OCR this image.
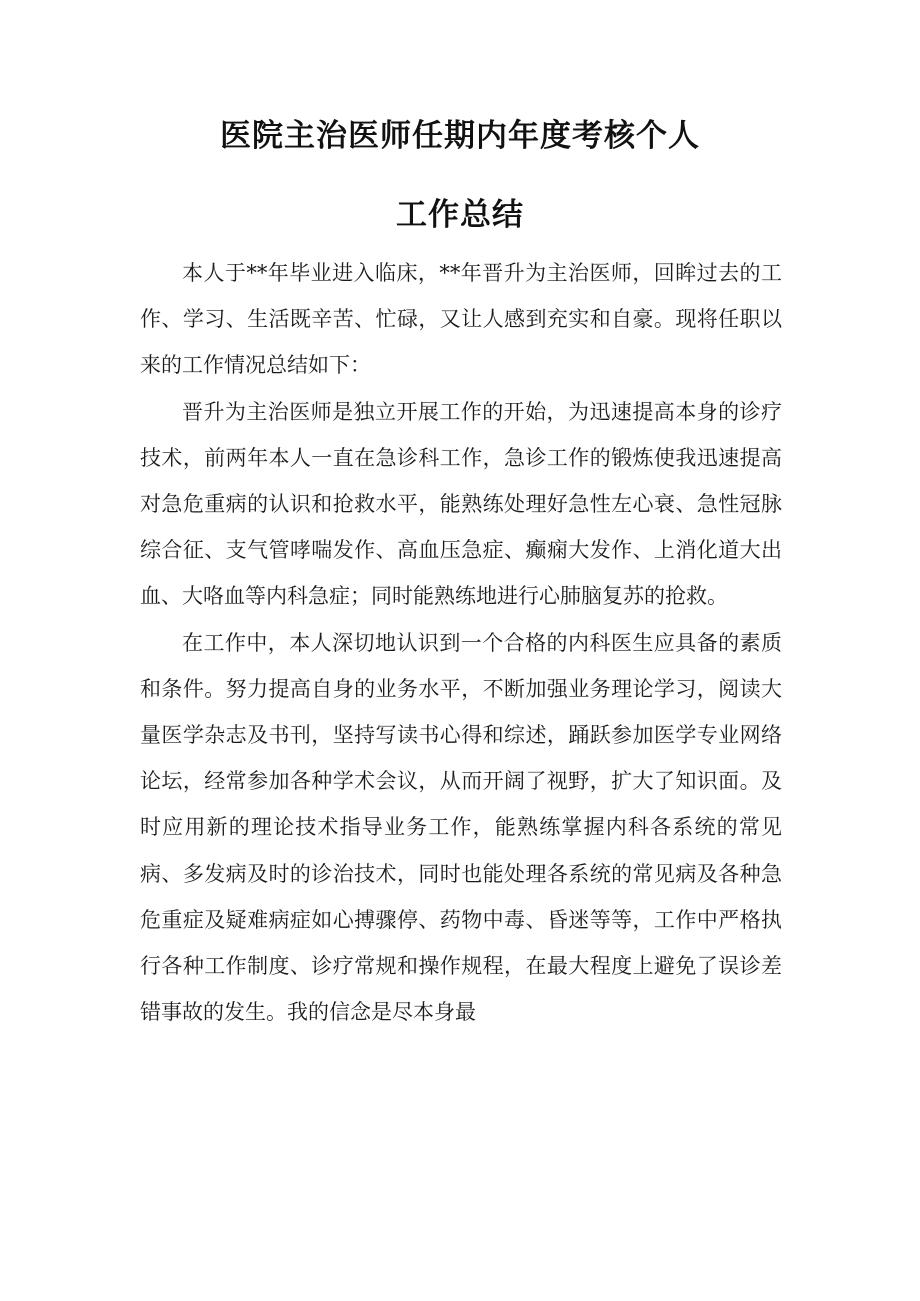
医院主治医师任期内年度考核个人
工作总结

本人于**年毕业进入临床，**年晋升为主治医师，回眸过去的工作、学习、生活既辛苦、忙碌，又让人感到充实和自豪。现将任职以来的工作情况总结如下：

晋升为主治医师是独立开展工作的开始，为迅速提高本身的诊疗技术，前两年本人一直在急诊科工作，急诊工作的锻炼使我迅速提高对急危重病的认识和抢救水平，能熟练处理好急性左心衰、急性冠脉综合征、支气管哮喘发作、高血压急症、癫痫大发作、上消化道大出血、大咯血等内科急症；同时能熟练地进行心肺脑复苏的抢救。

在工作中，本人深切地认识到一个合格的内科医生应具备的素质和条件。努力提高自身的业务水平，不断加强业务理论学习，阅读大量医学杂志及书刊，坚持写读书心得和综述，踊跃参加医学专业网络论坛，经常参加各种学术会议，从而开阔了视野，扩大了知识面。及时应用新的理论技术指导业务工作，能熟练掌握内科各系统的常见病、多发病及时的诊治技术，同时也能处理各系统的常见病及各种急危重症及疑难病症如心搏骤停、药物中毒、昏迷等等，工作中严格执行各种工作制度、诊疗常规和操作规程，在最大程度上避免了误诊差错事故的发生。我的信念是尽本身最
